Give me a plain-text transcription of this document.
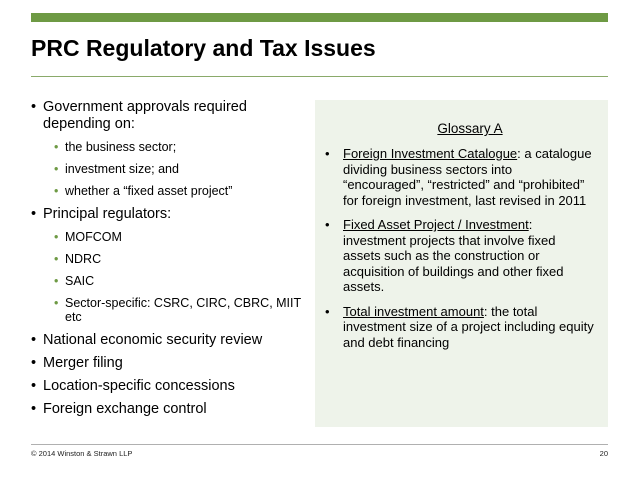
PRC Regulatory and Tax Issues
• Government approvals required depending on:
• the business sector;
• investment size; and
• whether a “fixed asset project”
• Principal regulators:
• MOFCOM
• NDRC
• SAIC
• Sector-specific: CSRC, CIRC, CBRC, MIIT etc
• National economic security review
• Merger filing
• Location-specific concessions
• Foreign exchange control
Glossary A
• Foreign Investment Catalogue: a catalogue dividing business sectors into “encouraged”, “restricted” and “prohibited” for foreign investment, last revised in 2011
• Fixed Asset Project / Investment: investment projects that involve fixed assets such as the construction or acquisition of buildings and other fixed assets.
• Total investment amount: the total investment size of a project including equity and debt financing
© 2014 Winston & Strawn LLP	20
